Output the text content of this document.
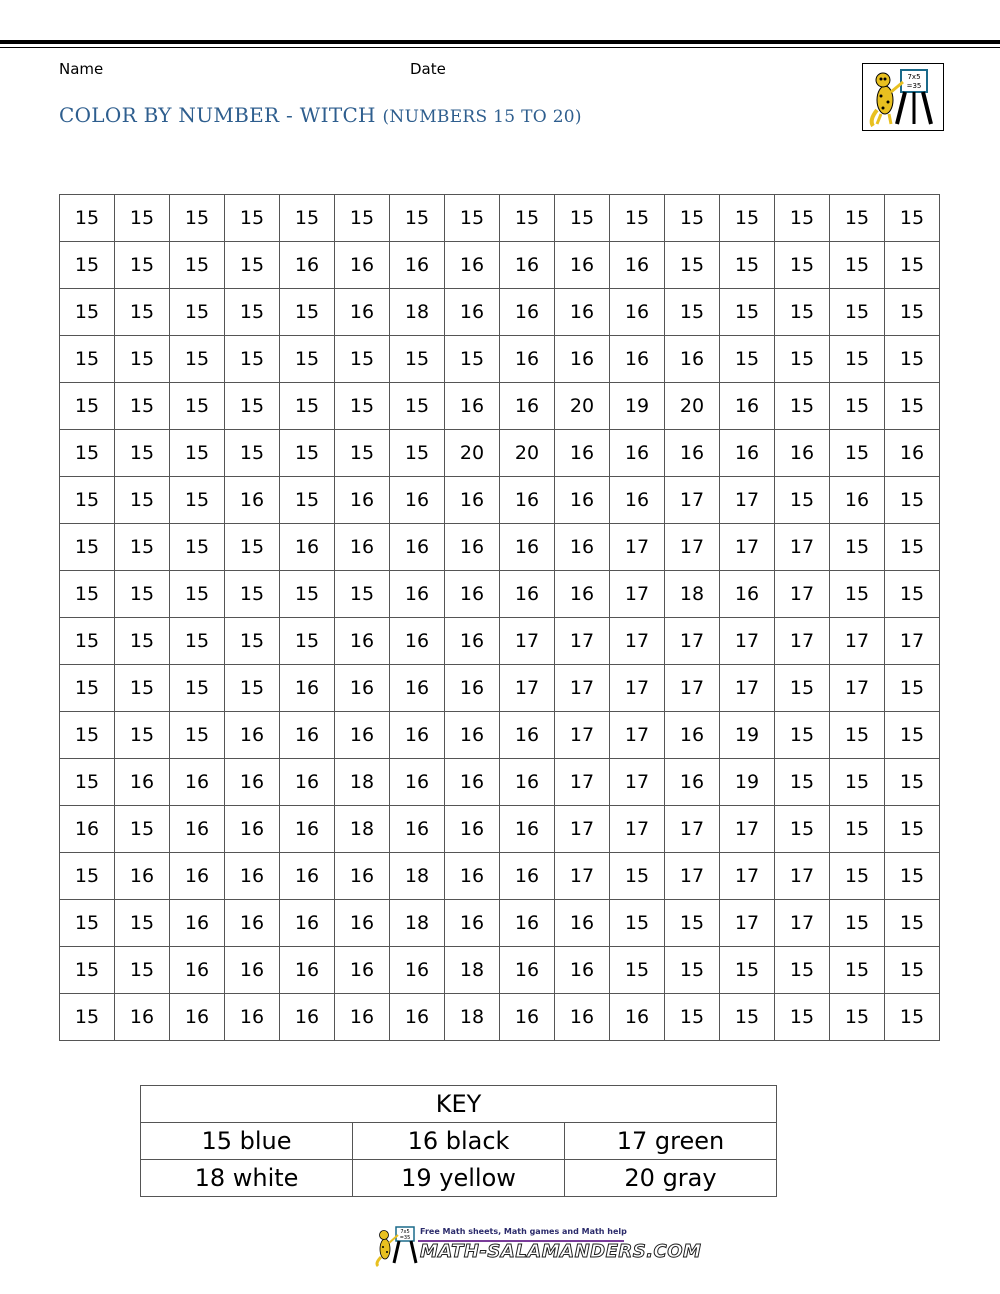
Name	Date
COLOR BY NUMBER - WITCH (NUMBERS 15 TO 20)
7x5
=35
15	15	15	15	15	15	15	15	15	15	15	15	15	15	15	15
15	15	15	15	16	16	16	16	16	16	16	15	15	15	15	15
15	15	15	15	15	16	18	16	16	16	16	15	15	15	15	15
15	15	15	15	15	15	15	15	16	16	16	16	15	15	15	15
15	15	15	15	15	15	15	16	16	20	19	20	16	15	15	15
15	15	15	15	15	15	15	20	20	16	16	16	16	16	15	16
15	15	15	16	15	16	16	16	16	16	16	17	17	15	16	15
15	15	15	15	16	16	16	16	16	16	17	17	17	17	15	15
15	15	15	15	15	15	16	16	16	16	17	18	16	17	15	15
15	15	15	15	15	16	16	16	17	17	17	17	17	17	17	17
15	15	15	15	16	16	16	16	17	17	17	17	17	15	17	15
15	15	15	16	16	16	16	16	16	17	17	16	19	15	15	15
15	16	16	16	16	18	16	16	16	17	17	16	19	15	15	15
16	15	16	16	16	18	16	16	16	17	17	17	17	15	15	15
15	16	16	16	16	16	18	16	16	17	15	17	17	17	15	15
15	15	16	16	16	16	18	16	16	16	15	15	17	17	15	15
15	15	16	16	16	16	16	18	16	16	15	15	15	15	15	15
15	16	16	16	16	16	16	18	16	16	16	15	15	15	15	15
KEY		
15 blue	16 black	17 green
18 white	19 yellow	20 gray
7x5
=35
Free Math sheets, Math games and Math help
MATH-SALAMANDERS.COM
